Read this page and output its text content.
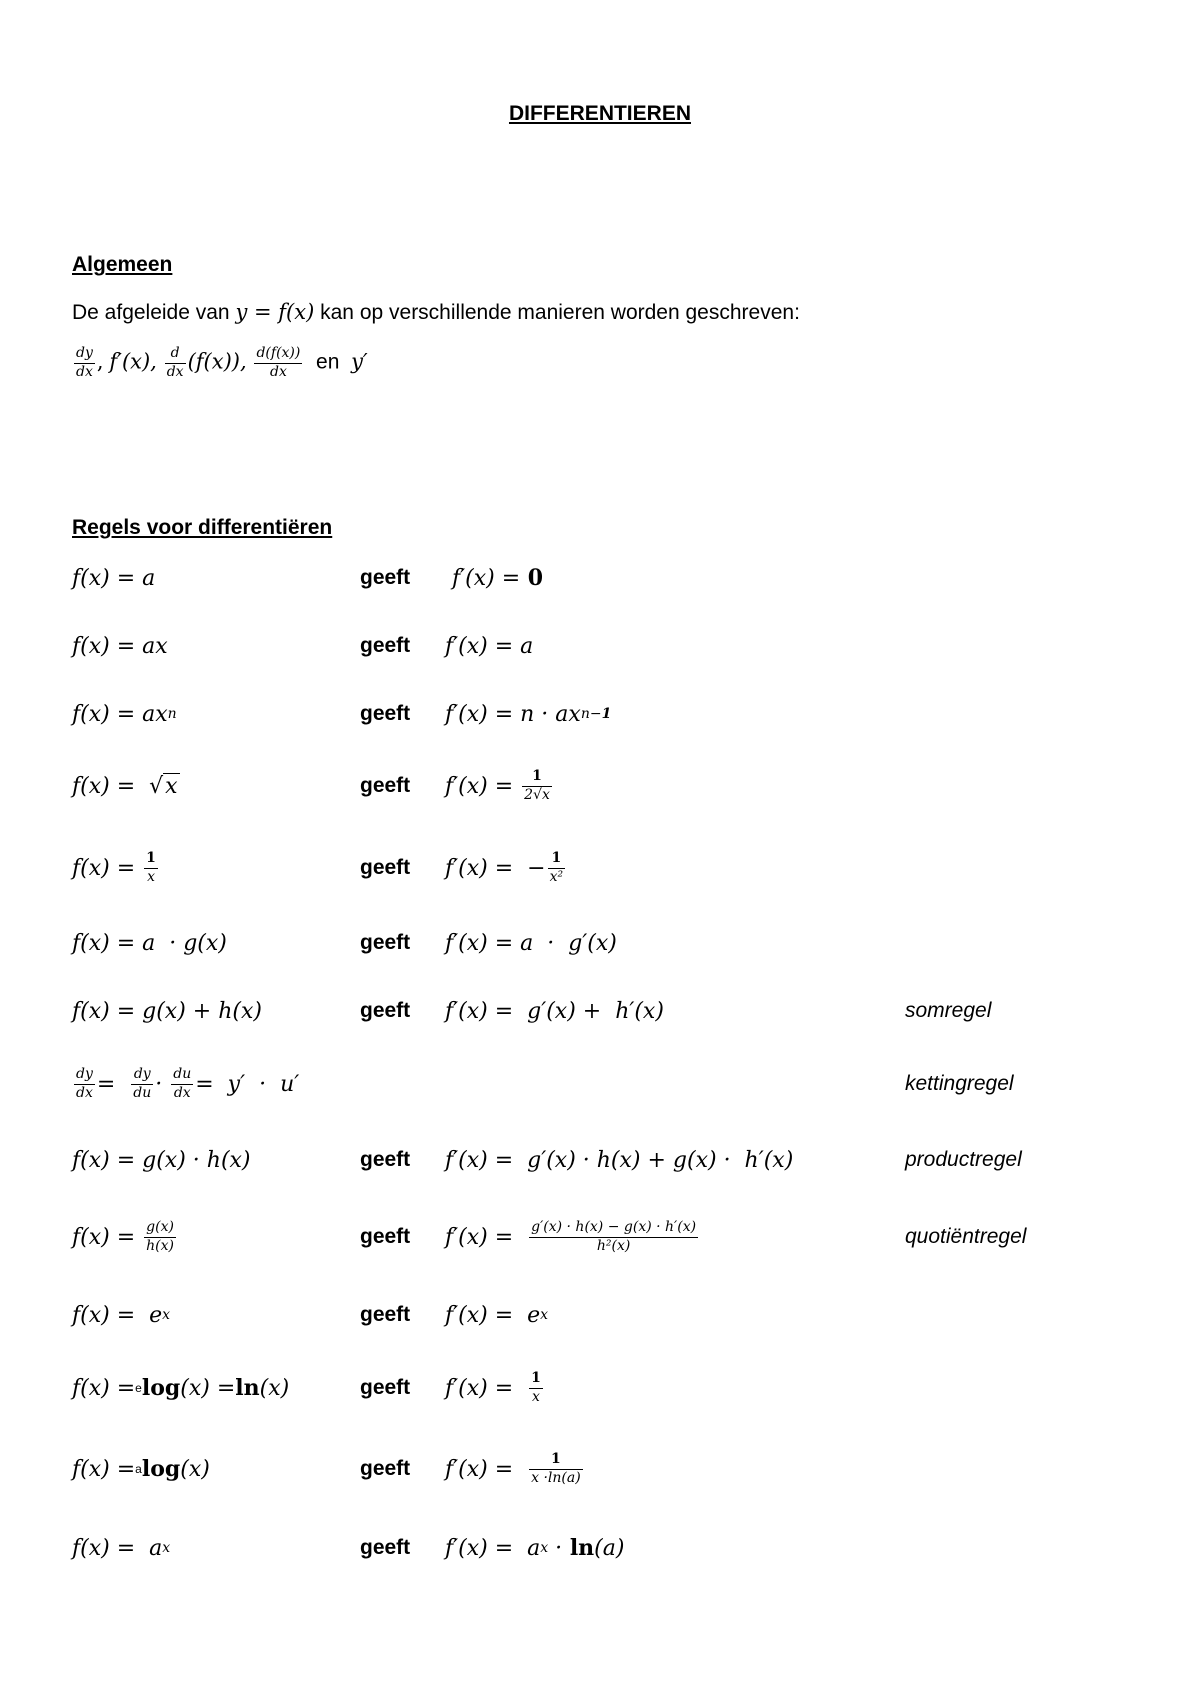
DIFFERENTIEREN
Algemeen
De afgeleide van y = f(x) kan op verschillende manieren worden geschreven:
$\frac{dy}{dx}$ , f′(x), $\frac{d}{dx} (f(x))$, $\frac{d(f(x))}{dx}$ en y′
Regels voor differentiëren
f(x) = a	geeft f′(x) = 0
f(x) = ax	geeft f′(x) = a
f(x) = ax n	geeft f′(x) = n · ax n−1
f(x) = √x	geeft $f'(x) = \frac{1}{2√x}$
$f(x) = \frac{1}{x}$	geeft f′(x) =  − $\frac{1}{\text{x²}}$
f(x) = a  · g(x)	geeft f′(x) = a  ·  g′(x)
f(x) = g(x) + h(x)	geeft f′(x) =  g′(x) +  h′(x)	somregel
$\frac{dy}{dx} = \frac{dy}{du} \cdot \frac{du}{dx} = y' \cdot u'$	kettingregel
f(x) = g(x) · h(x)	geeft f′(x) =  g′(x) · h(x) + g(x) ·  h′(x)	productregel
$f(x) = \frac{g(x)}{h(x)}$	geeft $f'(x) = \frac{g'(x) \cdot h(x) - g(x) \cdot h'(x)}{\text{h²(x)}}$	quotiëntregel
f(x) =  e x	geeft f′(x) =  e x
f(x) = e log (x) = ln (x)	geeft $f'(x) = \frac{1}{x}$
f(x) = a log (x)	geeft $f'(x) = \frac{1}{x \cdot\ln(a)}$
f(x) =  a x	geeft f′(x) =  a x · ln (a)
